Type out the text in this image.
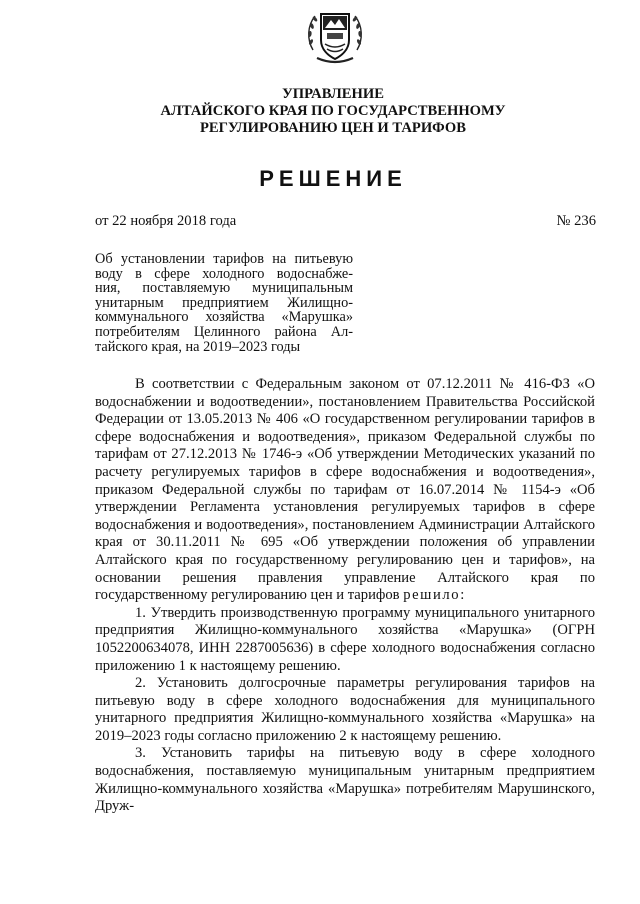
УПРАВЛЕНИЕ
АЛТАЙСКОГО КРАЯ ПО ГОСУДАРСТВЕННОМУ
РЕГУЛИРОВАНИЮ ЦЕН И ТАРИФОВ
РЕШЕНИЕ
от 22 ноября 2018 года	№ 236
Об установлении тарифов на питьевую
воду в сфере холодного водоснабже-
ния, поставляемую муниципальным
унитарным предприятием Жилищно-
коммунального хозяйства «Марушка»
потребителям Целинного района Ал-
тайского края, на 2019–2023 годы

В соответствии с Федеральным законом от 07.12.2011 № 416-ФЗ «О водоснабжении и водоотведении», постановлением Правительства Российской Федерации от 13.05.2013 № 406 «О государственном регулировании тарифов в сфере водоснабжения и водоотведения», приказом Федеральной службы по тарифам от 27.12.2013 № 1746-э «Об утверждении Методических указаний по расчету регулируемых тарифов в сфере водоснабжения и водоотведения», приказом Федеральной службы по тарифам от 16.07.2014 № 1154-э «Об утверждении Регламента установления регулируемых тарифов в сфере водоснабжения и водоотведения», постановлением Администрации Алтайского края от 30.11.2011 № 695 «Об утверждении положения об управлении Алтайского края по государственному регулированию цен и тарифов», на основании решения правления управление Алтайского края по государственному регулированию цен и тарифов решило:

1. Утвердить производственную программу муниципального унитарного предприятия Жилищно-коммунального хозяйства «Марушка» (ОГРН 1052200634078, ИНН 2287005636) в сфере холодного водоснабжения согласно приложению 1 к настоящему решению.

2. Установить долгосрочные параметры регулирования тарифов на питьевую воду в сфере холодного водоснабжения для муниципального унитарного предприятия Жилищно-коммунального хозяйства «Марушка» на 2019–2023 годы согласно приложению 2 к настоящему решению.

3. Установить тарифы на питьевую воду в сфере холодного водоснабжения, поставляемую муниципальным унитарным предприятием Жилищно-коммунального хозяйства «Марушка» потребителям Марушинского, Друж-
